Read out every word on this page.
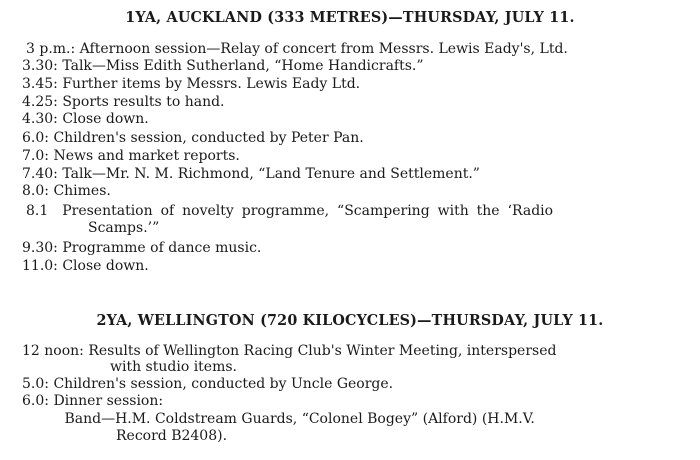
1YA, AUCKLAND (333 METRES)—THURSDAY, JULY 11.
3 p.m.: Afternoon session—Relay of concert from Messrs. Lewis Eady's, Ltd.
3.30: Talk—Miss Edith Sutherland, “Home Handicrafts.”
3.45: Further items by Messrs. Lewis Eady Ltd.
4.25: Sports results to hand.
4.30: Close down.
6.0: Children's session, conducted by Peter Pan.
7.0: News and market reports.
7.40: Talk—Mr. N. M. Richmond, “Land Tenure and Settlement.”
8.0: Chimes.
8.1 Presentation of novelty programme, “Scampering with the ‘Radio
Scamps.’”
9.30: Programme of dance music.
11.0: Close down.
2YA, WELLINGTON (720 KILOCYCLES)—THURSDAY, JULY 11.
12 noon: Results of Wellington Racing Club's Winter Meeting, interspersed
with studio items.
5.0: Children's session, conducted by Uncle George.
6.0: Dinner session:
Band—H.M. Coldstream Guards, “Colonel Bogey” (Alford) (H.M.V.
Record B2408).
